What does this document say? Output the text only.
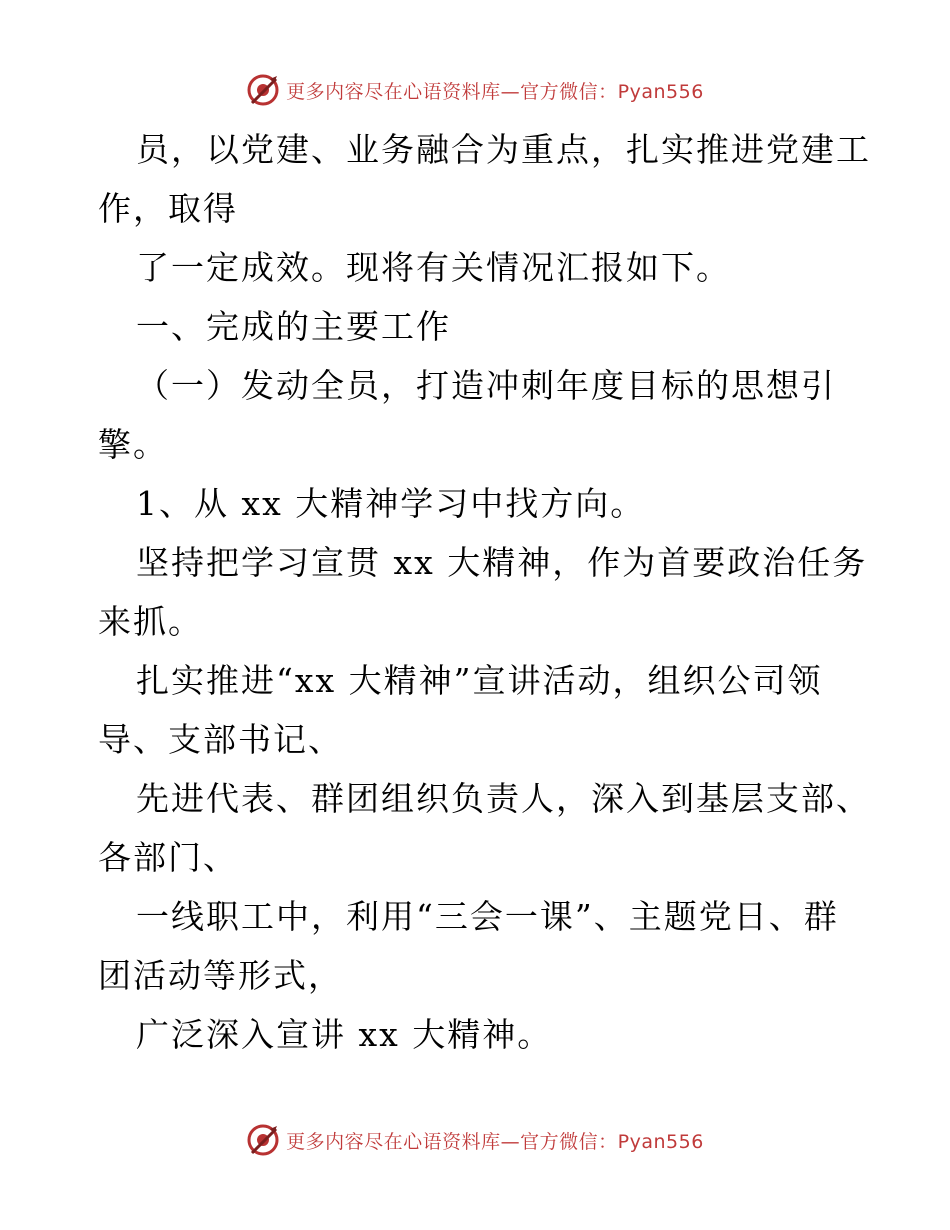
更多内容尽在心语资料库—官方微信：Pyan556
员，以党建、业务融合为重点，扎实推进党建工
作，取得
了一定成效。现将有关情况汇报如下。
一、完成的主要工作
（一）发动全员，打造冲刺年度目标的思想引
擎。
1、从 xx 大精神学习中找方向。
坚持把学习宣贯 xx 大精神，作为首要政治任务
来抓。
扎实推进“xx 大精神”宣讲活动，组织公司领
导、支部书记、
先进代表、群团组织负责人，深入到基层支部、
各部门、
一线职工中，利用“三会一课”、主题党日、群
团活动等形式，
广泛深入宣讲 xx 大精神。
更多内容尽在心语资料库—官方微信：Pyan556
